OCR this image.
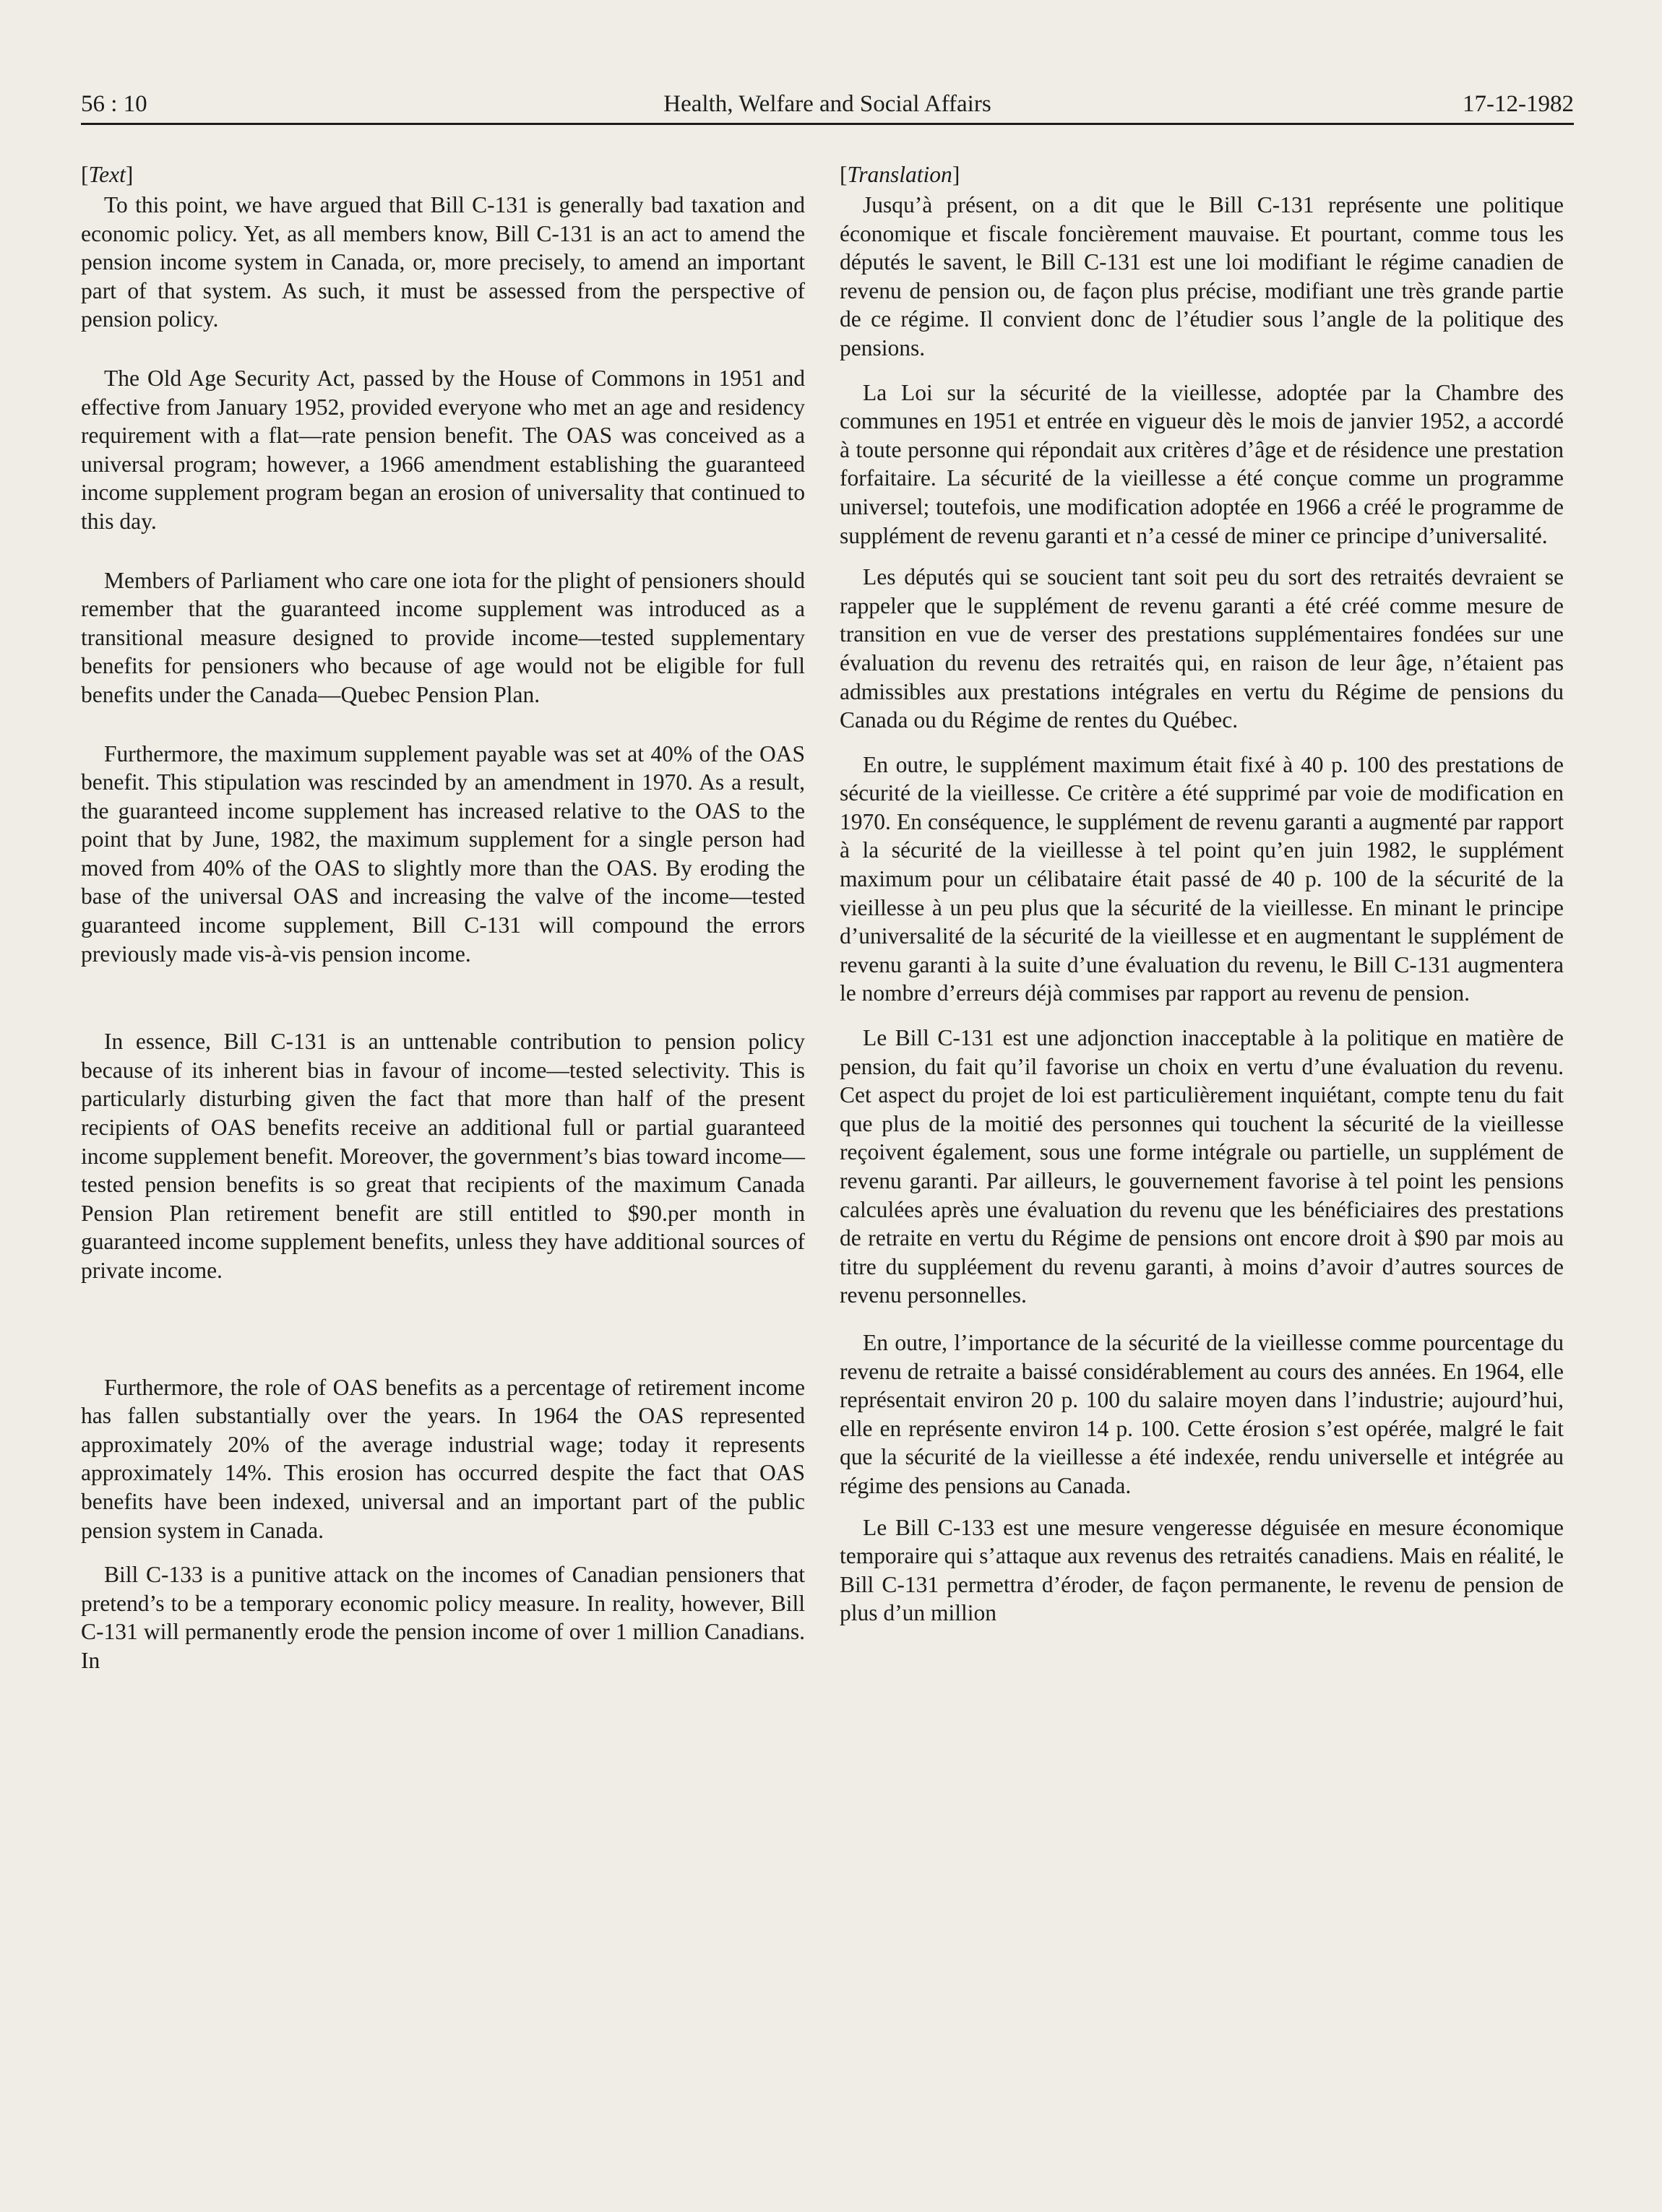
56 : 10	Health, Welfare and Social Affairs	17-12-1982
[Text]

To this point, we have argued that Bill C-131 is generally bad taxation and economic policy. Yet, as all members know, Bill C-131 is an act to amend the pension income system in Canada, or, more precisely, to amend an important part of that system. As such, it must be assessed from the perspective of pension policy.

The Old Age Security Act, passed by the House of Commons in 1951 and effective from January 1952, provided everyone who met an age and residency requirement with a flat—rate pension benefit. The OAS was conceived as a universal program; however, a 1966 amendment establishing the guaranteed income supplement program began an erosion of universality that continued to this day.

Members of Parliament who care one iota for the plight of pensioners should remember that the guaranteed income supplement was introduced as a transitional measure designed to provide income—tested supplementary benefits for pensioners who because of age would not be eligible for full benefits under the Canada—Quebec Pension Plan.

Furthermore, the maximum supplement payable was set at 40% of the OAS benefit. This stipulation was rescinded by an amendment in 1970. As a result, the guaranteed income supplement has increased relative to the OAS to the point that by June, 1982, the maximum supplement for a single person had moved from 40% of the OAS to slightly more than the OAS. By eroding the base of the universal OAS and increasing the valve of the income—tested guaranteed income supplement, Bill C-131 will compound the errors previously made vis-à-vis pension income.

In essence, Bill C-131 is an unttenable contribution to pension policy because of its inherent bias in favour of income—tested selectivity. This is particularly disturbing given the fact that more than half of the present recipients of OAS benefits receive an additional full or partial guaranteed income supplement benefit. Moreover, the government’s bias toward income—tested pension benefits is so great that recipients of the maximum Canada Pension Plan retirement benefit are still entitled to $90.per month in guaranteed income supplement benefits, unless they have additional sources of private income.

Furthermore, the role of OAS benefits as a percentage of retirement income has fallen substantially over the years. In 1964 the OAS represented approximately 20% of the average industrial wage; today it represents approximately 14%. This erosion has occurred despite the fact that OAS benefits have been indexed, universal and an important part of the public pension system in Canada.

Bill C-133 is a punitive attack on the incomes of Canadian pensioners that pretend’s to be a temporary economic policy measure. In reality, however, Bill C-131 will permanently erode the pension income of over 1 million Canadians. In

[Translation]

Jusqu’à présent, on a dit que le Bill C-131 représente une politique économique et fiscale foncièrement mauvaise. Et pourtant, comme tous les députés le savent, le Bill C-131 est une loi modifiant le régime canadien de revenu de pension ou, de façon plus précise, modifiant une très grande partie de ce régime. Il convient donc de l’étudier sous l’angle de la politique des pensions.

La Loi sur la sécurité de la vieillesse, adoptée par la Chambre des communes en 1951 et entrée en vigueur dès le mois de janvier 1952, a accordé à toute personne qui répondait aux critères d’âge et de résidence une prestation forfaitaire. La sécurité de la vieillesse a été conçue comme un programme universel; toutefois, une modification adoptée en 1966 a créé le programme de supplément de revenu garanti et n’a cessé de miner ce principe d’universalité.

Les députés qui se soucient tant soit peu du sort des retraités devraient se rappeler que le supplément de revenu garanti a été créé comme mesure de transition en vue de verser des prestations supplémentaires fondées sur une évaluation du revenu des retraités qui, en raison de leur âge, n’étaient pas admissibles aux prestations intégrales en vertu du Régime de pensions du Canada ou du Régime de rentes du Québec.

En outre, le supplément maximum était fixé à 40 p. 100 des prestations de sécurité de la vieillesse. Ce critère a été supprimé par voie de modification en 1970. En conséquence, le supplément de revenu garanti a augmenté par rapport à la sécurité de la vieillesse à tel point qu’en juin 1982, le supplément maximum pour un célibataire était passé de 40 p. 100 de la sécurité de la vieillesse à un peu plus que la sécurité de la vieillesse. En minant le principe d’universalité de la sécurité de la vieillesse et en augmentant le supplément de revenu garanti à la suite d’une évaluation du revenu, le Bill C-131 augmentera le nombre d’erreurs déjà commises par rapport au revenu de pension.

Le Bill C-131 est une adjonction inacceptable à la politique en matière de pension, du fait qu’il favorise un choix en vertu d’une évaluation du revenu. Cet aspect du projet de loi est particulièrement inquiétant, compte tenu du fait que plus de la moitié des personnes qui touchent la sécurité de la vieillesse reçoivent également, sous une forme intégrale ou partielle, un supplément de revenu garanti. Par ailleurs, le gouvernement favorise à tel point les pensions calculées après une évaluation du revenu que les bénéficiaires des prestations de retraite en vertu du Régime de pensions ont encore droit à $90 par mois au titre du suppléement du revenu garanti, à moins d’avoir d’autres sources de revenu personnelles.

En outre, l’importance de la sécurité de la vieillesse comme pourcentage du revenu de retraite a baissé considérablement au cours des années. En 1964, elle représentait environ 20 p. 100 du salaire moyen dans l’industrie; aujourd’hui, elle en représente environ 14 p. 100. Cette érosion s’est opérée, malgré le fait que la sécurité de la vieillesse a été indexée, rendu universelle et intégrée au régime des pensions au Canada.

Le Bill C-133 est une mesure vengeresse déguisée en mesure économique temporaire qui s’attaque aux revenus des retraités canadiens. Mais en réalité, le Bill C-131 permettra d’éroder, de façon permanente, le revenu de pension de plus d’un million
